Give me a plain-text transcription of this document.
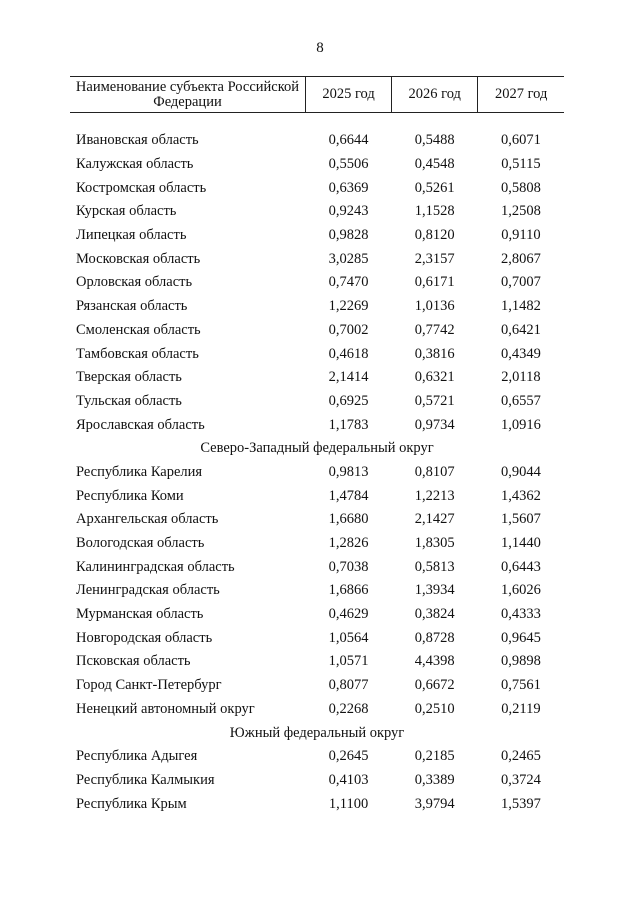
8
Наименование субъекта Российской Федерации	2025 год	2026 год	2027 год

Ивановская область	0,6644	0,5488	0,6071
Калужская область	0,5506	0,4548	0,5115
Костромская область	0,6369	0,5261	0,5808
Курская область	0,9243	1,1528	1,2508
Липецкая область	0,9828	0,8120	0,9110
Московская область	3,0285	2,3157	2,8067
Орловская область	0,7470	0,6171	0,7007
Рязанская область	1,2269	1,0136	1,1482
Смоленская область	0,7002	0,7742	0,6421
Тамбовская область	0,4618	0,3816	0,4349
Тверская область	2,1414	0,6321	2,0118
Тульская область	0,6925	0,5721	0,6557
Ярославская область	1,1783	0,9734	1,0916
Северо-Западный федеральный округ			
Республика Карелия	0,9813	0,8107	0,9044
Республика Коми	1,4784	1,2213	1,4362
Архангельская область	1,6680	2,1427	1,5607
Вологодская область	1,2826	1,8305	1,1440
Калининградская область	0,7038	0,5813	0,6443
Ленинградская область	1,6866	1,3934	1,6026
Мурманская область	0,4629	0,3824	0,4333
Новгородская область	1,0564	0,8728	0,9645
Псковская область	1,0571	4,4398	0,9898
Город Санкт-Петербург	0,8077	0,6672	0,7561
Ненецкий автономный округ	0,2268	0,2510	0,2119
Южный федеральный округ			
Республика Адыгея	0,2645	0,2185	0,2465
Республика Калмыкия	0,4103	0,3389	0,3724
Республика Крым	1,1100	3,9794	1,5397
